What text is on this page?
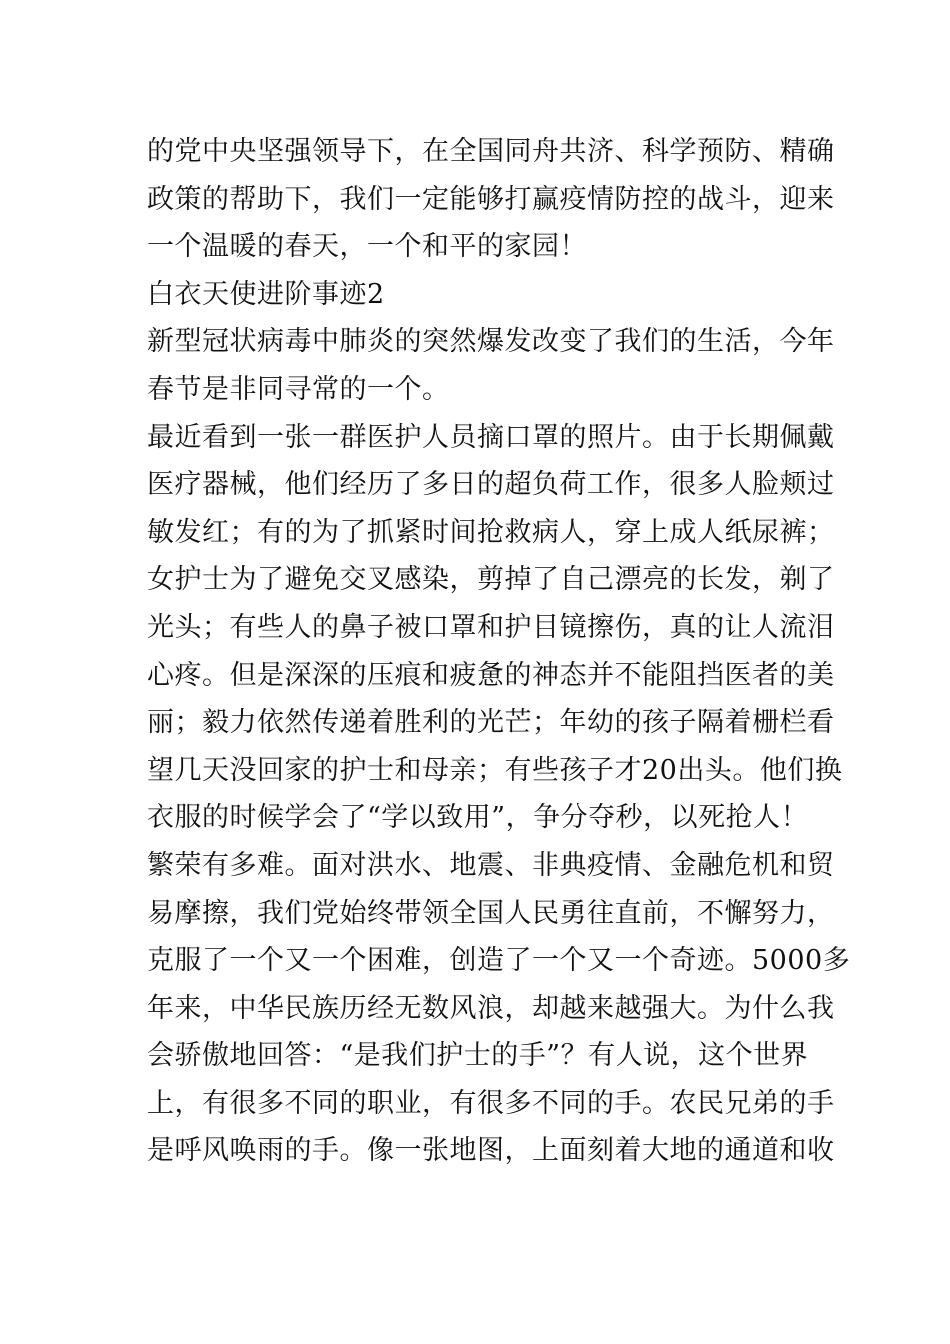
的党中央坚强领导下，在全国同舟共济、科学预防、精确
政策的帮助下，我们一定能够打赢疫情防控的战斗，迎来
一个温暖的春天，一个和平的家园！
白衣天使进阶事迹2
新型冠状病毒中肺炎的突然爆发改变了我们的生活，今年
春节是非同寻常的一个。
最近看到一张一群医护人员摘口罩的照片。由于长期佩戴
医疗器械，他们经历了多日的超负荷工作，很多人脸颊过
敏发红；有的为了抓紧时间抢救病人，穿上成人纸尿裤；
女护士为了避免交叉感染，剪掉了自己漂亮的长发，剃了
光头；有些人的鼻子被口罩和护目镜擦伤，真的让人流泪
心疼。但是深深的压痕和疲惫的神态并不能阻挡医者的美
丽；毅力依然传递着胜利的光芒；年幼的孩子隔着栅栏看
望几天没回家的护士和母亲；有些孩子才20出头。他们换
衣服的时候学会了“学以致用”，争分夺秒，以死抢人！
繁荣有多难。面对洪水、地震、非典疫情、金融危机和贸
易摩擦，我们党始终带领全国人民勇往直前，不懈努力，
克服了一个又一个困难，创造了一个又一个奇迹。5000多
年来，中华民族历经无数风浪，却越来越强大。为什么我
会骄傲地回答：“是我们护士的手”？有人说，这个世界
上，有很多不同的职业，有很多不同的手。农民兄弟的手
是呼风唤雨的手。像一张地图，上面刻着大地的通道和收
